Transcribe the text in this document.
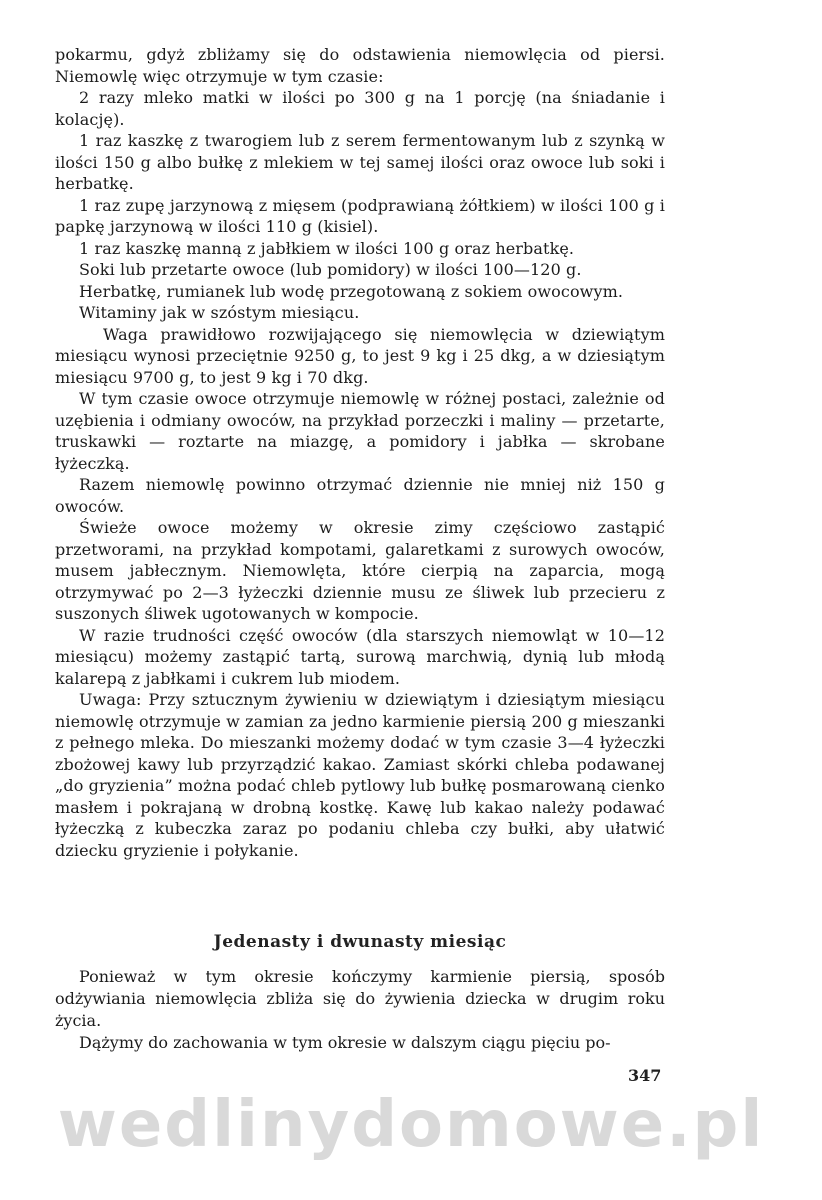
pokarmu, gdyż zbliżamy się do odstawienia niemowlęcia od piersi. Niemowlę więc otrzymuje w tym czasie:

2 razy mleko matki w ilości po 300 g na 1 porcję (na śniadanie i kolację).

1 raz kaszkę z twarogiem lub z serem fermentowanym lub z szynką w ilości 150 g albo bułkę z mlekiem w tej samej ilości oraz owoce lub soki i herbatkę.

1 raz zupę jarzynową z mięsem (podprawianą żółtkiem) w ilości 100 g i papkę jarzynową w ilości 110 g (kisiel).

1 raz kaszkę manną z jabłkiem w ilości 100 g oraz herbatkę.

Soki lub przetarte owoce (lub pomidory) w ilości 100—120 g.

Herbatkę, rumianek lub wodę przegotowaną z sokiem owocowym.

Witaminy jak w szóstym miesiącu.

Waga prawidłowo rozwijającego się niemowlęcia w dziewiątym miesiącu wynosi przeciętnie 9250 g, to jest 9 kg i 25 dkg, a w dziesiątym miesiącu 9700 g, to jest 9 kg i 70 dkg.

W tym czasie owoce otrzymuje niemowlę w różnej postaci, zależnie od uzębienia i odmiany owoców, na przykład porzeczki i maliny — przetarte, truskawki — roztarte na miazgę, a pomidory i jabłka — skrobane łyżeczką.

Razem niemowlę powinno otrzymać dziennie nie mniej niż 150 g owoców.

Świeże owoce możemy w okresie zimy częściowo zastąpić przetworami, na przykład kompotami, galaretkami z surowych owoców, musem jabłecznym. Niemowlęta, które cierpią na zaparcia, mogą otrzymywać po 2—3 łyżeczki dziennie musu ze śliwek lub przecieru z suszonych śliwek ugotowanych w kompocie.

W razie trudności część owoców (dla starszych niemowląt w 10—12 miesiącu) możemy zastąpić tartą, surową marchwią, dynią lub młodą kalarepą z jabłkami i cukrem lub miodem.

Uwaga: Przy sztucznym żywieniu w dziewiątym i dziesiątym miesiącu niemowlę otrzymuje w zamian za jedno karmienie piersią 200 g mieszanki z pełnego mleka. Do mieszanki możemy dodać w tym czasie 3—4 łyżeczki zbożowej kawy lub przyrządzić kakao. Zamiast skórki chleba podawanej „do gryzienia” można podać chleb pytlowy lub bułkę posmarowaną cienko masłem i pokrajaną w drobną kostkę. Kawę lub kakao należy podawać łyżeczką z kubeczka zaraz po podaniu chleba czy bułki, aby ułatwić dziecku gryzienie i połykanie.

Jedenasty i dwunasty miesiąc

Ponieważ w tym okresie kończymy karmienie piersią, sposób odżywiania niemowlęcia zbliża się do żywienia dziecka w drugim roku życia.

Dążymy do zachowania w tym okresie w dalszym ciągu pięciu po-

347
wedlinydomowe.pl
